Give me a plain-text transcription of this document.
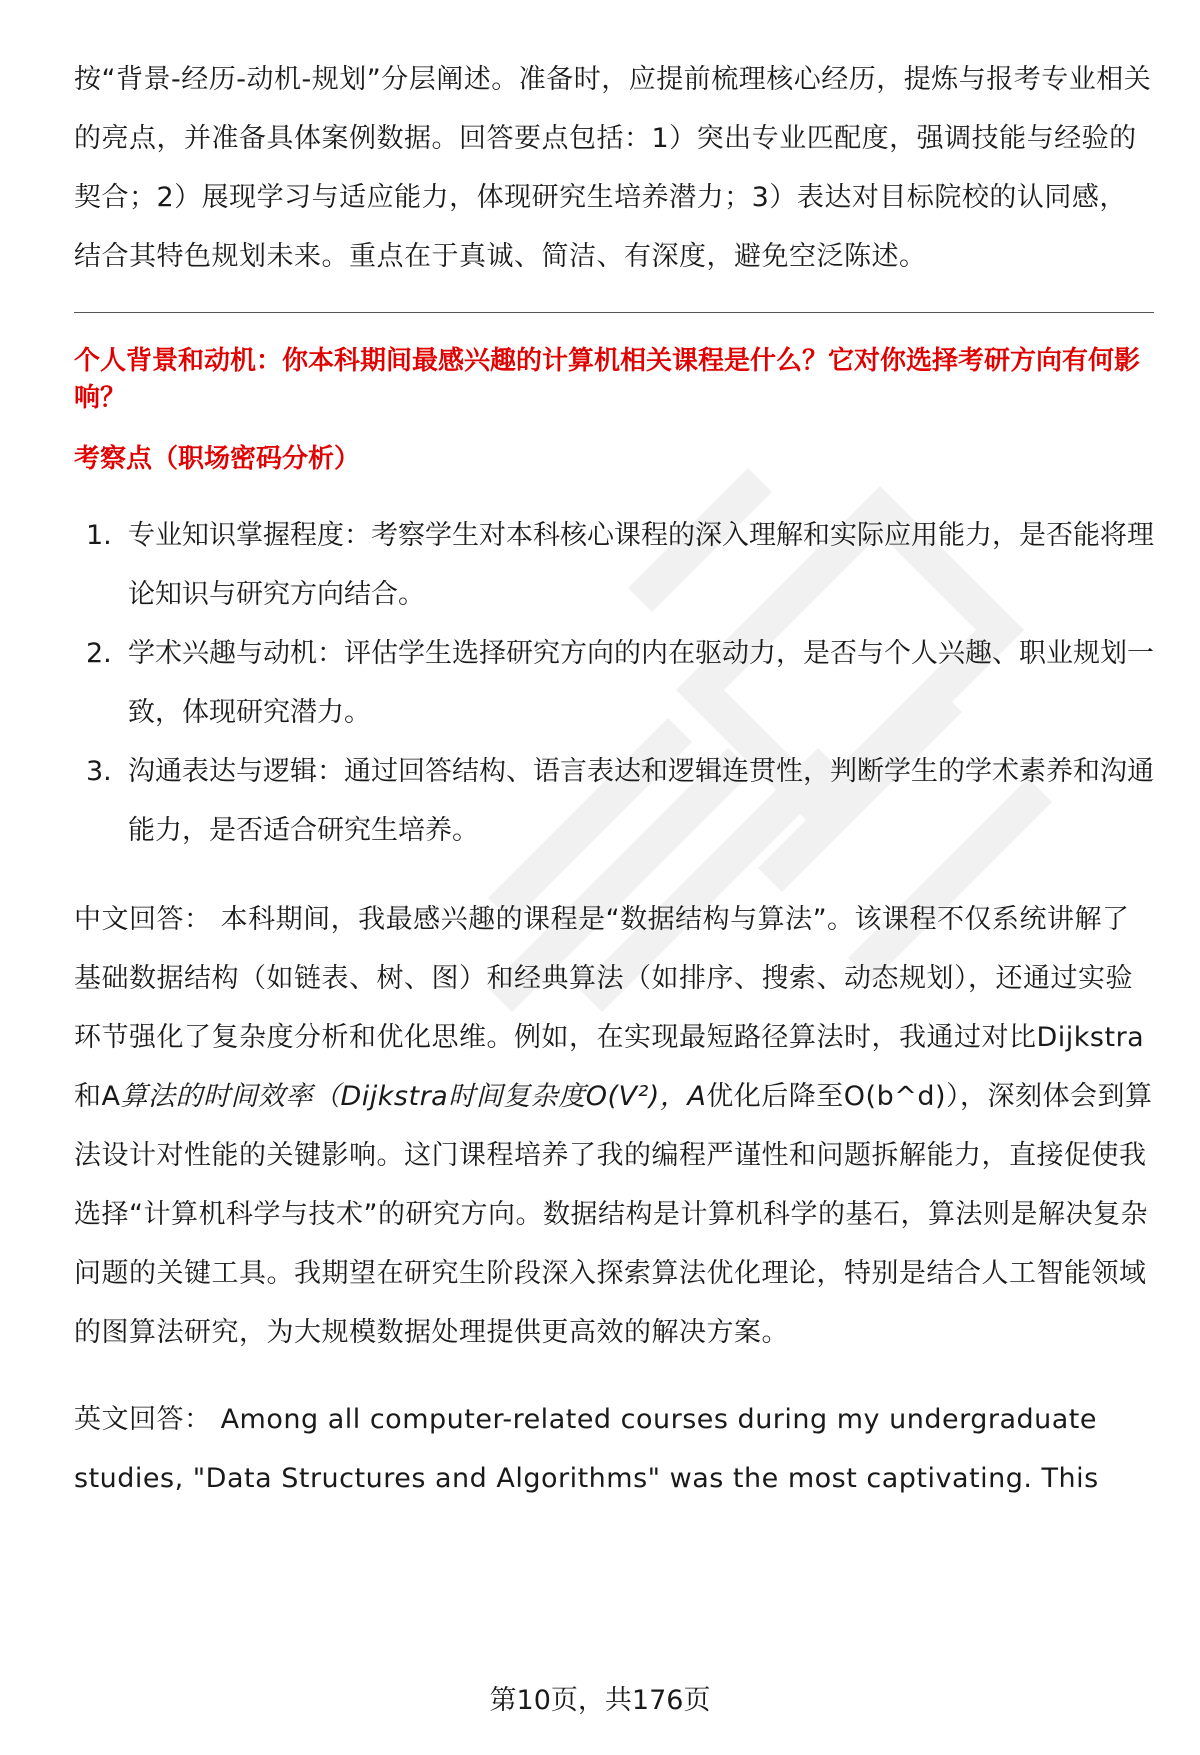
按“背景-经历-动机-规划”分层阐述。准备时，应提前梳理核心经历，提炼与报考专业相关的亮点，并准备具体案例数据。回答要点包括：1）突出专业匹配度，强调技能与经验的契合；2）展现学习与适应能力，体现研究生培养潜力；3）表达对目标院校的认同感，结合其特色规划未来。重点在于真诚、简洁、有深度，避免空泛陈述。

个人背景和动机：你本科期间最感兴趣的计算机相关课程是什么？它对你选择考研方向有何影响？

考察点（职场密码分析）

1. 专业知识掌握程度：考察学生对本科核心课程的深入理解和实际应用能力，是否能将理论知识与研究方向结合。
2. 学术兴趣与动机：评估学生选择研究方向的内在驱动力，是否与个人兴趣、职业规划一致，体现研究潜力。
3. 沟通表达与逻辑：通过回答结构、语言表达和逻辑连贯性，判断学生的学术素养和沟通能力，是否适合研究生培养。

中文回答： 本科期间，我最感兴趣的课程是“数据结构与算法”。该课程不仅系统讲解了基础数据结构（如链表、树、图）和经典算法（如排序、搜索、动态规划），还通过实验环节强化了复杂度分析和优化思维。例如，在实现最短路径算法时，我通过对比Dijkstra和A算法的时间效率（Dijkstra时间复杂度O(V²)，A优化后降至O(b^d)），深刻体会到算法设计对性能的关键影响。这门课程培养了我的编程严谨性和问题拆解能力，直接促使我选择“计算机科学与技术”的研究方向。数据结构是计算机科学的基石，算法则是解决复杂问题的关键工具。我期望在研究生阶段深入探索算法优化理论，特别是结合人工智能领域的图算法研究，为大规模数据处理提供更高效的解决方案。

英文回答： Among all computer-related courses during my undergraduate studies, "Data Structures and Algorithms" was the most captivating. This

第10页，共176页
